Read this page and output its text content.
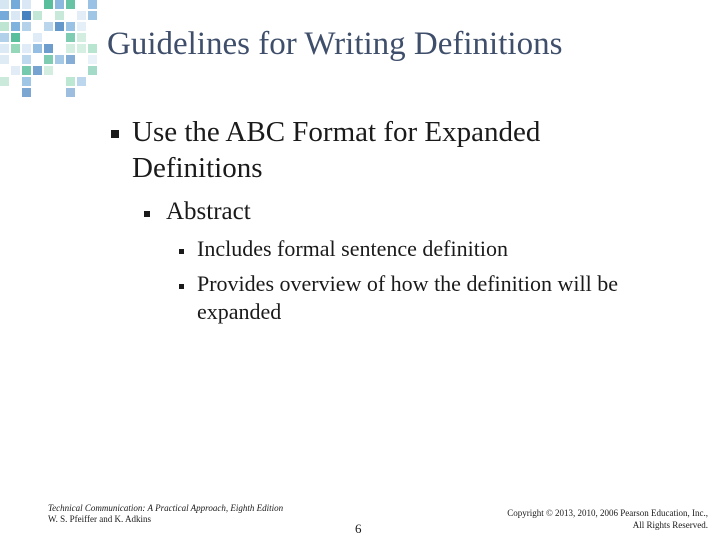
Guidelines for Writing Definitions
Use the ABC Format for Expanded Definitions
Abstract
Includes formal sentence definition
Provides overview of how the definition will be expanded
Technical Communication: A Practical Approach, Eighth Edition
W. S. Pfeiffer and K. Adkins
6
Copyright © 2013, 2010, 2006 Pearson Education, Inc.,
All Rights Reserved.
